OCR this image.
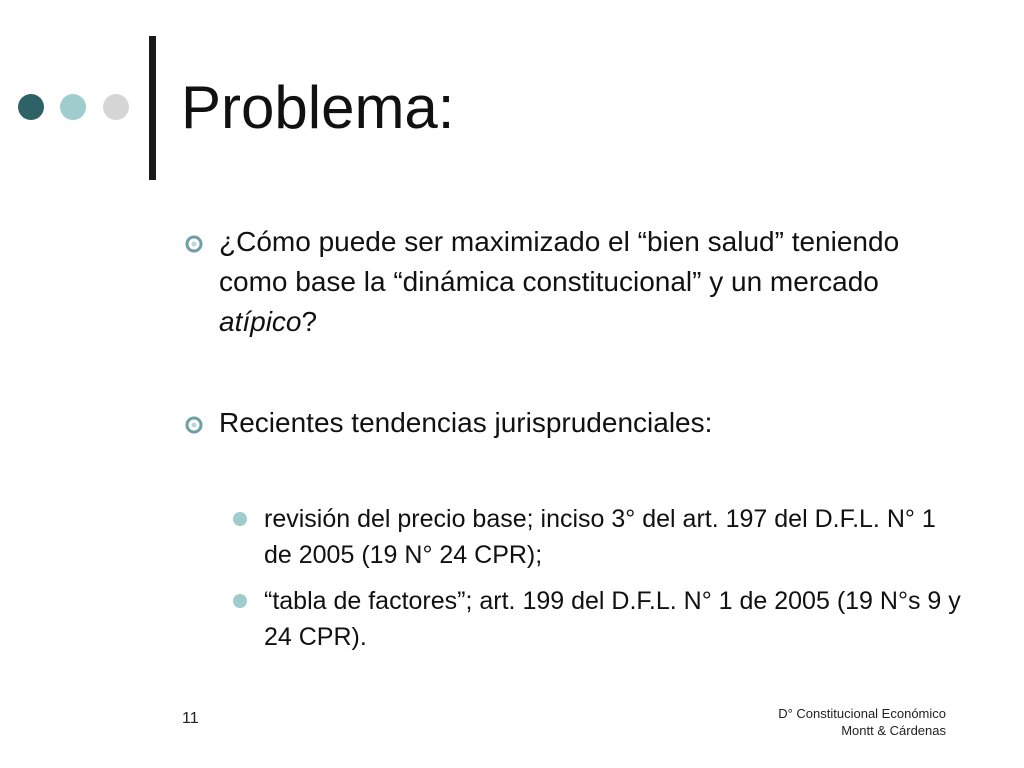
Problema:
¿Cómo puede ser maximizado el “bien salud” teniendo como base la “dinámica constitucional” y un mercado atípico?
Recientes tendencias jurisprudenciales:
revisión del precio base; inciso 3° del art. 197 del D.F.L. N° 1 de 2005 (19 N° 24 CPR);
“tabla de factores”; art. 199 del D.F.L. N° 1 de 2005 (19 N°s 9 y 24 CPR).
11	D° Constitucional Económico
Montt & Cárdenas
